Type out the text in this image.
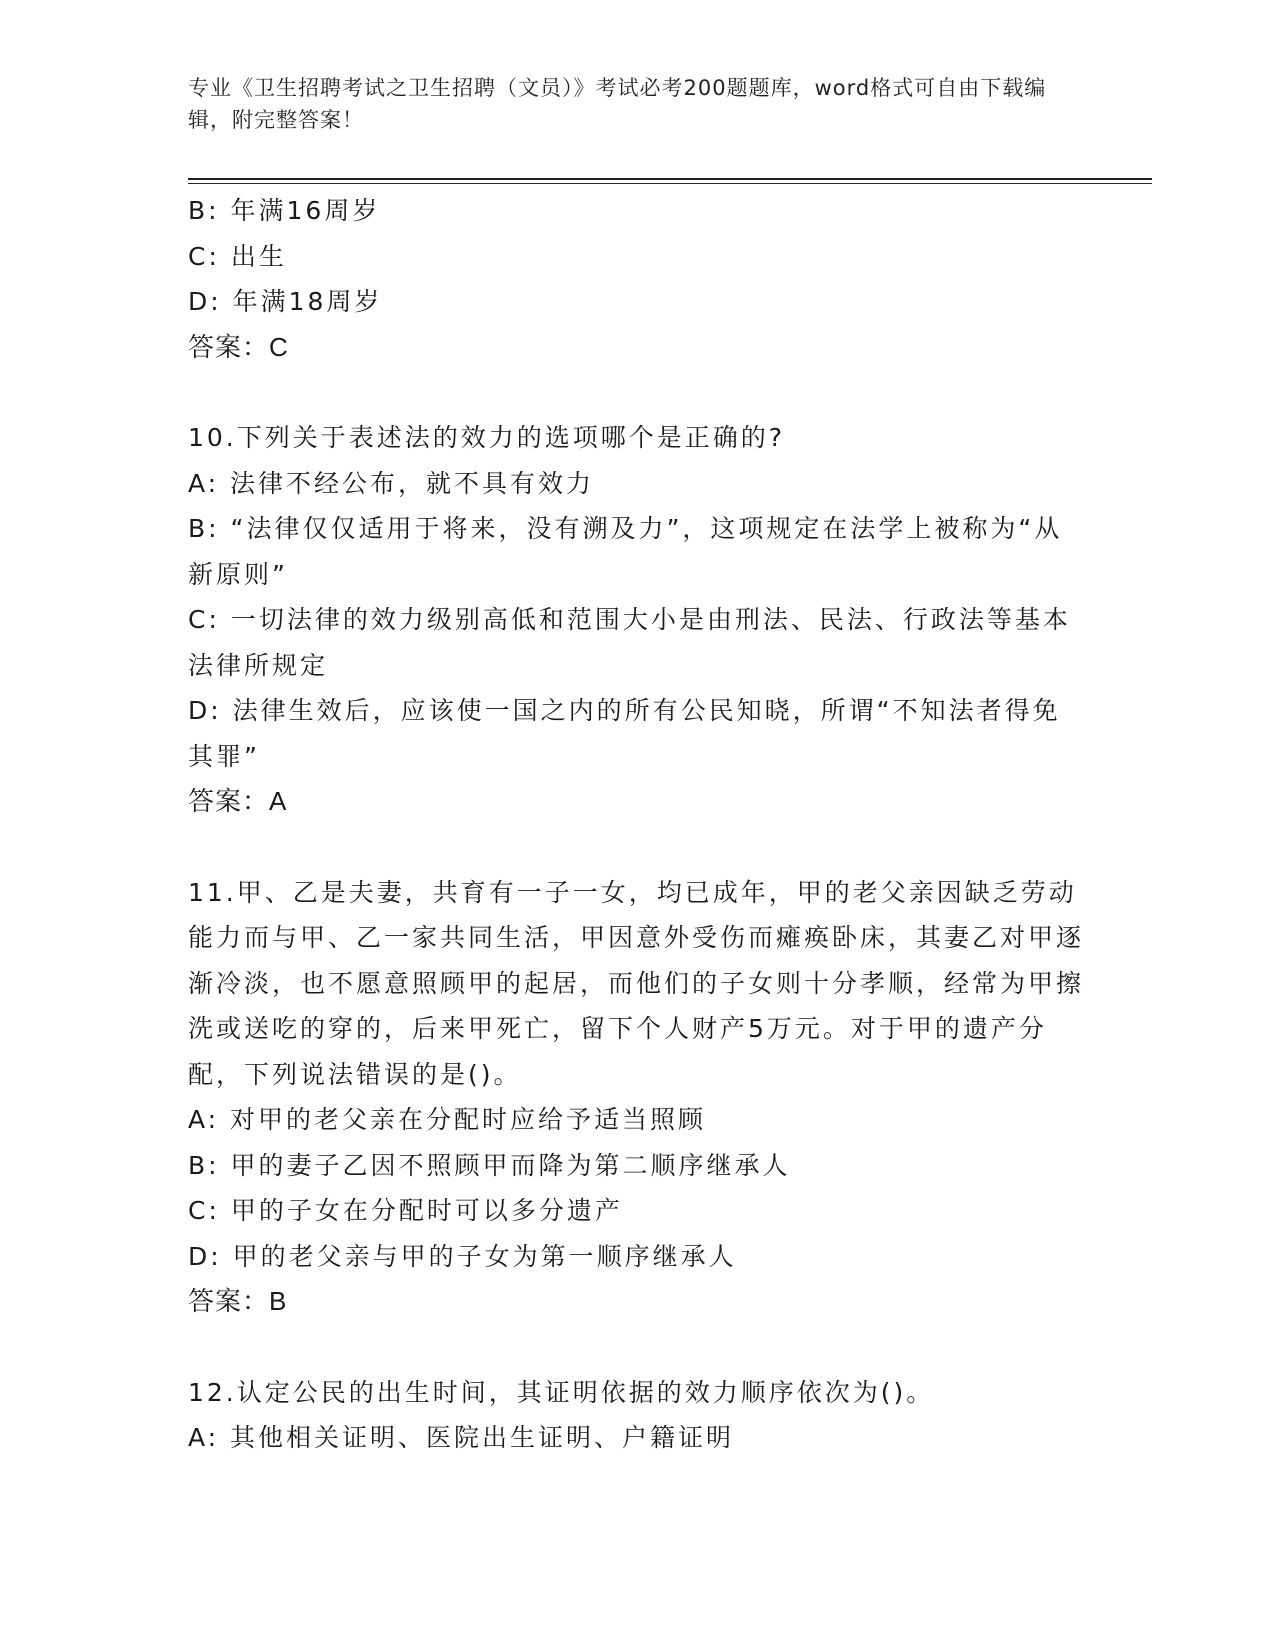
专业《卫生招聘考试之卫生招聘（文员）》考试必考200题题库，word格式可自由下载编辑，附完整答案！

B: 年满16周岁

C: 出生

D: 年满18周岁

答案：C

10.下列关于表述法的效力的选项哪个是正确的?

A: 法律不经公布，就不具有效力

B: “法律仅仅适用于将来，没有溯及力”，这项规定在法学上被称为“从新原则”

C: 一切法律的效力级别高低和范围大小是由刑法、民法、行政法等基本法律所规定

D: 法律生效后，应该使一国之内的所有公民知晓，所谓“不知法者得免其罪”

答案：A

11.甲、乙是夫妻，共育有一子一女，均已成年，甲的老父亲因缺乏劳动能力而与甲、乙一家共同生活，甲因意外受伤而瘫痪卧床，其妻乙对甲逐渐冷淡，也不愿意照顾甲的起居，而他们的子女则十分孝顺，经常为甲擦洗或送吃的穿的，后来甲死亡，留下个人财产5万元。对于甲的遗产分配，下列说法错误的是()。

A: 对甲的老父亲在分配时应给予适当照顾

B: 甲的妻子乙因不照顾甲而降为第二顺序继承人

C: 甲的子女在分配时可以多分遗产

D: 甲的老父亲与甲的子女为第一顺序继承人

答案：B

12.认定公民的出生时间，其证明依据的效力顺序依次为()。

A: 其他相关证明、医院出生证明、户籍证明
